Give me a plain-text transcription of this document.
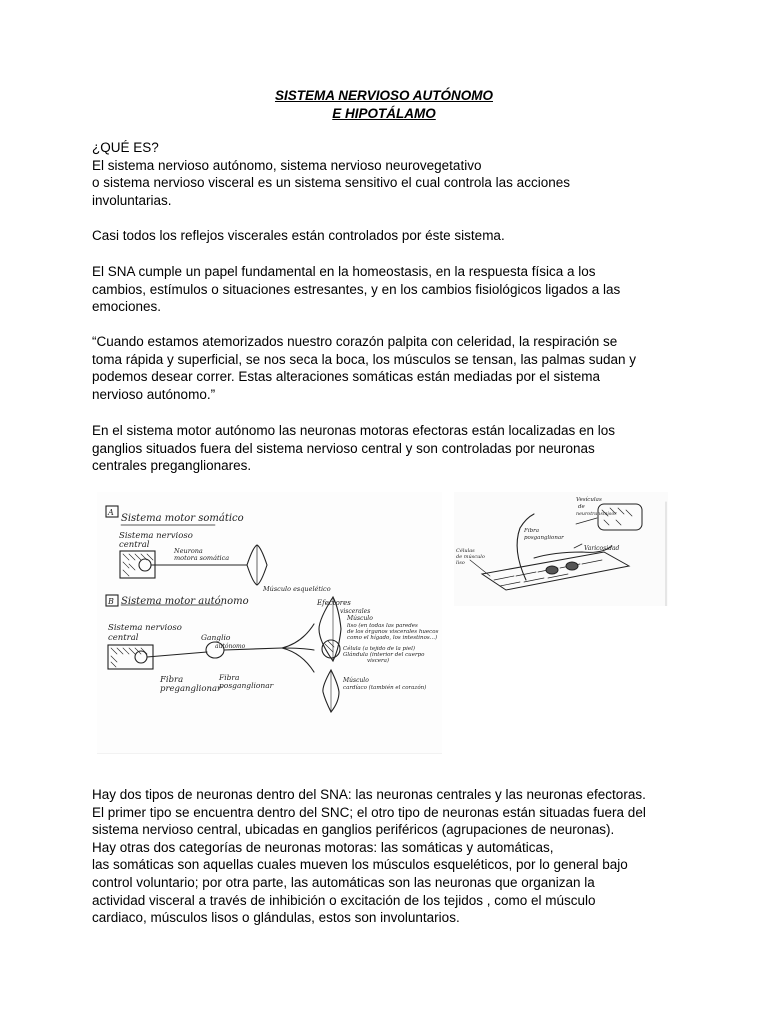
SISTEMA NERVIOSO AUTÓNOMO
E HIPOTÁLAMO
¿QUÉ ES?
El sistema nervioso autónomo, sistema nervioso neurovegetativo
o sistema nervioso visceral es un sistema sensitivo el cual controla las acciones
involuntarias.
Casi todos los reflejos viscerales están controlados por éste sistema.
El SNA cumple un papel fundamental en la homeostasis, en la respuesta física a los
cambios, estímulos o situaciones estresantes, y en los cambios fisiológicos ligados a las
emociones.
“Cuando estamos atemorizados nuestro corazón palpita con celeridad, la respiración se
toma rápida y superficial, se nos seca la boca, los músculos se tensan, las palmas sudan y
podemos desear correr. Estas alteraciones somáticas están mediadas por el sistema
nervioso autónomo.”
En el sistema motor autónomo las neuronas motoras efectoras están localizadas en los
ganglios situados fuera del sistema nervioso central y son controladas por neuronas
centrales preganglionares.
A
Sistema motor somático
Sistema nervioso
central
Neurona
motora somática
Músculo esquelético
B Sistema motor autónomo
Sistema nervioso
central	Ganglio
autónomo
Fibra
preganglionar
Fibra
posganglionar
Efectores
viscerales
Músculo
liso (en todas las paredes
de los órganos viscerales huecos
como el hígado, los intestinos...)
Célula (a tejido de la piel)
Glándula (interior del cuerpo
viscera)
Músculo
cardíaco (también el corazón)
Vesículas
de
neurotransmisor
Fibra
posganglionar
Células
de músculo
liso
Varicosidad
Hay dos tipos de neuronas dentro del SNA: las neuronas centrales y las neuronas efectoras.
El primer tipo se encuentra dentro del SNC; el otro tipo de neuronas están situadas fuera del
sistema nervioso central, ubicadas en ganglios periféricos (agrupaciones de neuronas).
Hay otras dos categorías de neuronas motoras: las somáticas y automáticas,
las somáticas son aquellas cuales mueven los músculos esqueléticos, por lo general bajo
control voluntario; por otra parte, las automáticas son las neuronas que organizan la
actividad visceral a través de inhibición o excitación de los tejidos , como el músculo
cardiaco, músculos lisos o glándulas, estos son involuntarios.
